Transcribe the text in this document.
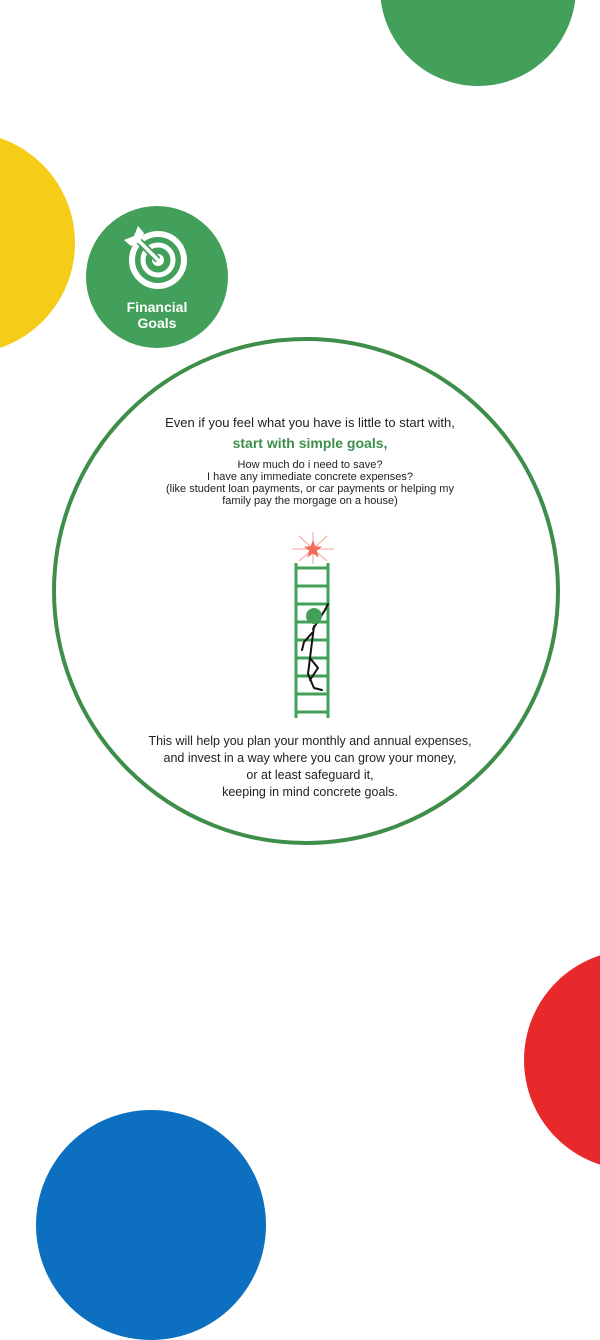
Financial
Goals
Even if you feel what you have is little to start with,
start with simple goals,
How much do i need to save?
I have any immediate concrete expenses?
(like student loan payments, or car payments or helping my
family pay the morgage on a house)
This will help you plan your monthly and annual expenses,
and invest in a way where you can grow your money,
or at least safeguard it,
keeping in mind concrete goals.
